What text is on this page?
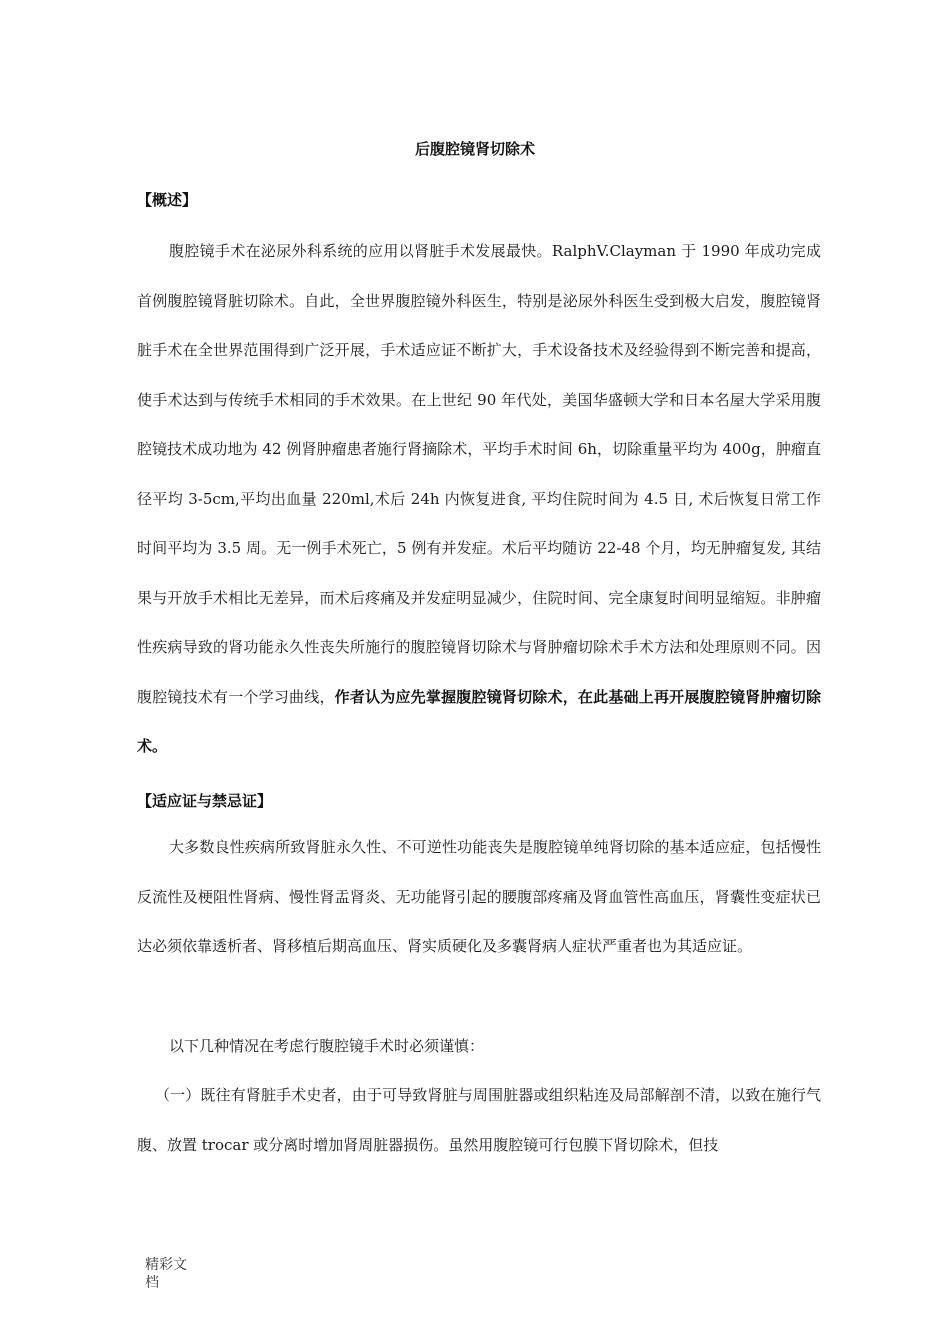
后腹腔镜肾切除术
【概述】

腹腔镜手术在泌尿外科系统的应用以肾脏手术发展最快。RalphV.Clayman 于 1990 年成功完成首例腹腔镜肾脏切除术。自此，全世界腹腔镜外科医生，特别是泌尿外科医生受到极大启发，腹腔镜肾脏手术在全世界范围得到广泛开展，手术适应证不断扩大，手术设备技术及经验得到不断完善和提高，使手术达到与传统手术相同的手术效果。在上世纪 90 年代处，美国华盛顿大学和日本名屋大学采用腹腔镜技术成功地为 42 例肾肿瘤患者施行肾摘除术，平均手术时间 6h，切除重量平均为 400g，肿瘤直径平均 3-5cm,平均出血量 220ml,术后 24h 内恢复进食, 平均住院时间为 4.5 日, 术后恢复日常工作时间平均为 3.5 周。无一例手术死亡，5 例有并发症。术后平均随访 22-48 个月，均无肿瘤复发, 其结果与开放手术相比无差异，而术后疼痛及并发症明显减少，住院时间、完全康复时间明显缩短。非肿瘤性疾病导致的肾功能永久性丧失所施行的腹腔镜肾切除术与肾肿瘤切除术手术方法和处理原则不同。因腹腔镜技术有一个学习曲线，作者认为应先掌握腹腔镜肾切除术，在此基础上再开展腹腔镜肾肿瘤切除术。

【适应证与禁忌证】

大多数良性疾病所致肾脏永久性、不可逆性功能丧失是腹腔镜单纯肾切除的基本适应症，包括慢性反流性及梗阻性肾病、慢性肾盂肾炎、无功能肾引起的腰腹部疼痛及肾血管性高血压，肾囊性变症状已达必须依靠透析者、肾移植后期高血压、肾实质硬化及多囊肾病人症状严重者也为其适应证。

以下几种情况在考虑行腹腔镜手术时必须谨慎：

（一）既往有肾脏手术史者，由于可导致肾脏与周围脏器或组织粘连及局部解剖不清，以致在施行气腹、放置 trocar 或分离时增加肾周脏器损伤。虽然用腹腔镜可行包膜下肾切除术，但技

精彩文档
